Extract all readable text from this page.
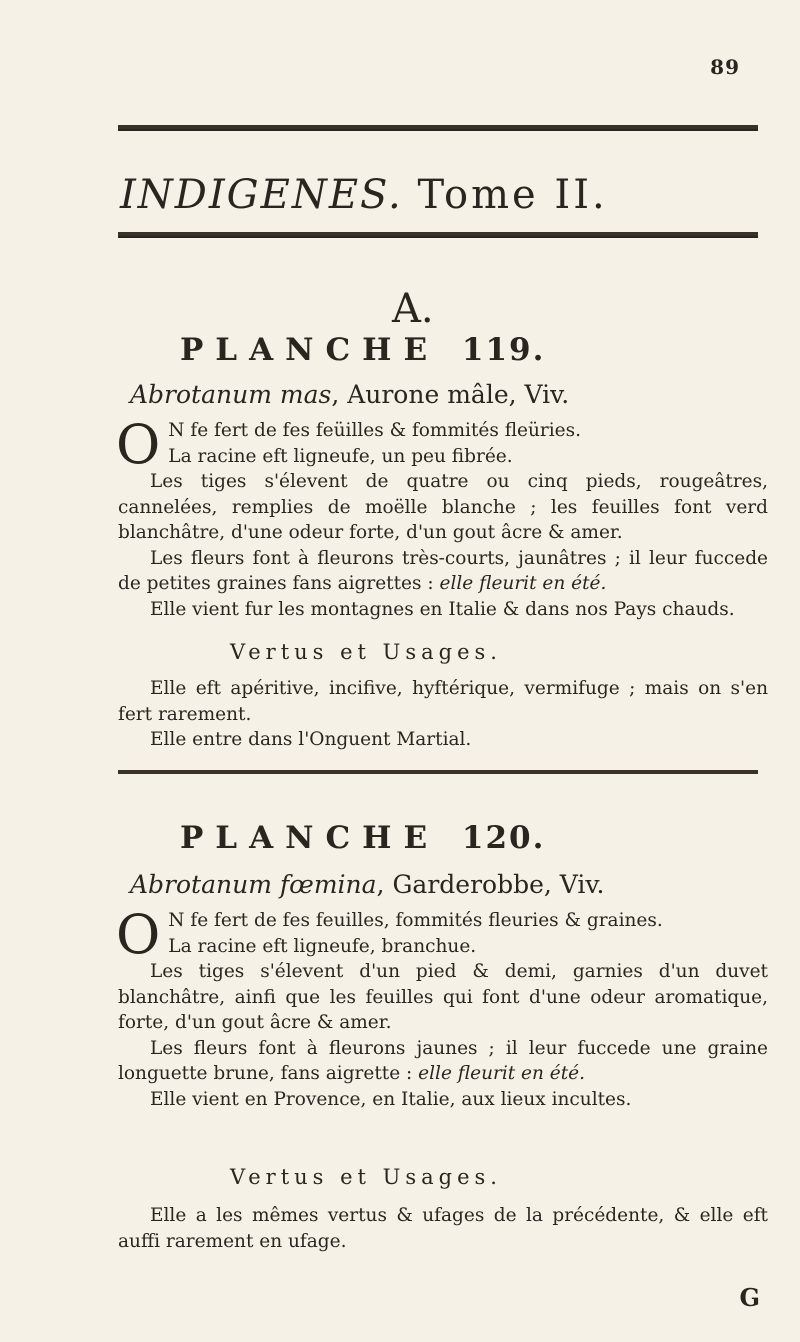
89
INDIGENES. Tome II.
A.
PLANCHE 119.
Abrotanum mas, Aurone mâle, Viv.

O N fe fert de fes feüilles & fommités fleüries.
La racine eft ligneufe, un peu fibrée.

Les tiges s'élevent de quatre ou cinq pieds, rougeâtres, cannelées, remplies de moëlle blanche ; les feuilles font verd blanchâtre, d'une odeur forte, d'un gout âcre & amer.

Les fleurs font à fleurons très-courts, jaunâtres ; il leur fuccede de petites graines fans aigrettes : elle fleurit en été.

Elle vient fur les montagnes en Italie & dans nos Pays chauds.

Vertus et Usages.

Elle eft apéritive, incifive, hyftérique, vermifuge ; mais on s'en fert rarement.

Elle entre dans l'Onguent Martial.

PLANCHE 120.
Abrotanum fœmina, Garderobbe, Viv.

O N fe fert de fes feuilles, fommités fleuries & graines.
La racine eft ligneufe, branchue.

Les tiges s'élevent d'un pied & demi, garnies d'un duvet blanchâtre, ainfi que les feuilles qui font d'une odeur aromatique, forte, d'un gout âcre & amer.

Les fleurs font à fleurons jaunes ; il leur fuccede une graine longuette brune, fans aigrette : elle fleurit en été.

Elle vient en Provence, en Italie, aux lieux incultes.

Vertus et Usages.

Elle a les mêmes vertus & ufages de la précédente, & elle eft auffi rarement en ufage.

G
